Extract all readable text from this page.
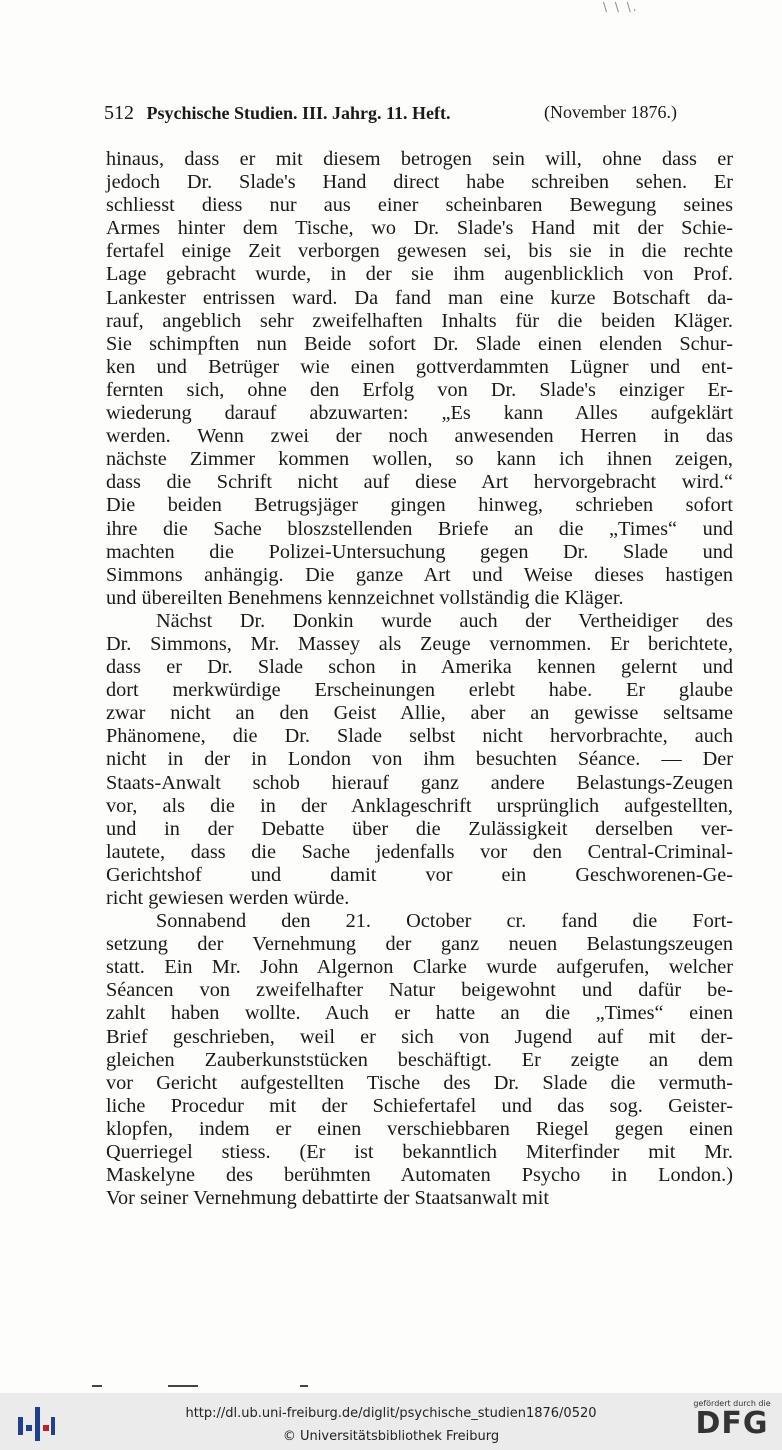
\ \ \.
512 Psychische Studien. III. Jahrg. 11. Heft.	(November 1876.)
hinaus, dass er mit diesem betrogen sein will, ohne dass er
jedoch Dr. Slade's Hand direct habe schreiben sehen. Er
schliesst diess nur aus einer scheinbaren Bewegung seines
Armes hinter dem Tische, wo Dr. Slade's Hand mit der Schie-
fertafel einige Zeit verborgen gewesen sei, bis sie in die rechte
Lage gebracht wurde, in der sie ihm augenblicklich von Prof.
Lankester entrissen ward. Da fand man eine kurze Botschaft da-
rauf, angeblich sehr zweifelhaften Inhalts für die beiden Kläger.
Sie schimpften nun Beide sofort Dr. Slade einen elenden Schur-
ken und Betrüger wie einen gottverdammten Lügner und ent-
fernten sich, ohne den Erfolg von Dr. Slade's einziger Er-
wiederung darauf abzuwarten: „Es kann Alles aufgeklärt
werden. Wenn zwei der noch anwesenden Herren in das
nächste Zimmer kommen wollen, so kann ich ihnen zeigen,
dass die Schrift nicht auf diese Art hervorgebracht wird.“
Die beiden Betrugsjäger gingen hinweg, schrieben sofort
ihre die Sache bloszstellenden Briefe an die „Times“ und
machten die Polizei-Untersuchung gegen Dr. Slade und
Simmons anhängig. Die ganze Art und Weise dieses hastigen
und übereilten Benehmens kennzeichnet vollständig die Kläger.
Nächst Dr. Donkin wurde auch der Vertheidiger des
Dr. Simmons, Mr. Massey als Zeuge vernommen. Er berichtete,
dass er Dr. Slade schon in Amerika kennen gelernt und
dort merkwürdige Erscheinungen erlebt habe. Er glaube
zwar nicht an den Geist Allie, aber an gewisse seltsame
Phänomene, die Dr. Slade selbst nicht hervorbrachte, auch
nicht in der in London von ihm besuchten Séance. — Der
Staats-Anwalt schob hierauf ganz andere Belastungs-Zeugen
vor, als die in der Anklageschrift ursprünglich aufgestellten,
und in der Debatte über die Zulässigkeit derselben ver-
lautete, dass die Sache jedenfalls vor den Central-Criminal-
Gerichtshof und damit vor ein Geschworenen-Ge-
richt gewiesen werden würde.
Sonnabend den 21. October cr. fand die Fort-
setzung der Vernehmung der ganz neuen Belastungszeugen
statt. Ein Mr. John Algernon Clarke wurde aufgerufen, welcher
Séancen von zweifelhafter Natur beigewohnt und dafür be-
zahlt haben wollte. Auch er hatte an die „Times“ einen
Brief geschrieben, weil er sich von Jugend auf mit der-
gleichen Zauberkunststücken beschäftigt. Er zeigte an dem
vor Gericht aufgestellten Tische des Dr. Slade die vermuth-
liche Procedur mit der Schiefertafel und das sog. Geister-
klopfen, indem er einen verschiebbaren Riegel gegen einen
Querriegel stiess. (Er ist bekanntlich Miterfinder mit Mr.
Maskelyne des berühmten Automaten Psycho in London.)
Vor seiner Vernehmung debattirte der Staatsanwalt mit
http://dl.ub.uni-freiburg.de/diglit/psychische_studien1876/0520
© Universitätsbibliothek Freiburg
gefördert durch die
DFG
